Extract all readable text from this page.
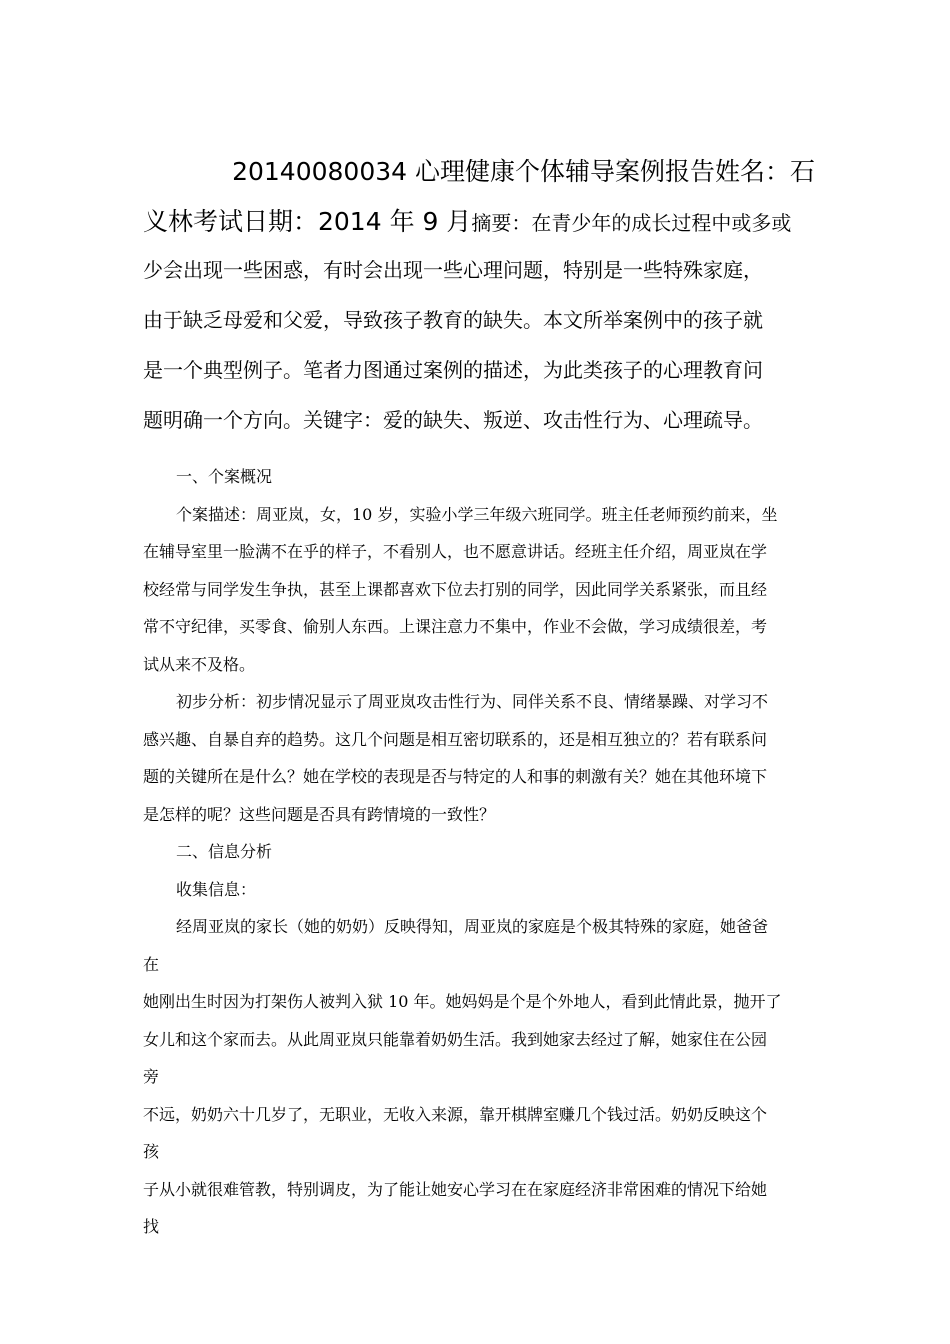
20140080034 心理健康个体辅导案例报告姓名：石
义林考试日期：2014 年 9 月摘要：在青少年的成长过程中或多或
少会出现一些困惑，有时会出现一些心理问题，特别是一些特殊家庭，
由于缺乏母爱和父爱，导致孩子教育的缺失。本文所举案例中的孩子就
是一个典型例子。笔者力图通过案例的描述，为此类孩子的心理教育问
题明确一个方向。关键字：爱的缺失、叛逆、攻击性行为、心理疏导。
一、个案概况
个案描述：周亚岚，女，10 岁，实验小学三年级六班同学。班主任老师预约前来，坐
在辅导室里一脸满不在乎的样子，不看别人，也不愿意讲话。经班主任介绍，周亚岚在学
校经常与同学发生争执，甚至上课都喜欢下位去打别的同学，因此同学关系紧张，而且经
常不守纪律，买零食、偷别人东西。上课注意力不集中，作业不会做，学习成绩很差，考
试从来不及格。
初步分析：初步情况显示了周亚岚攻击性行为、同伴关系不良、情绪暴躁、对学习不
感兴趣、自暴自弃的趋势。这几个问题是相互密切联系的，还是相互独立的？若有联系问
题的关键所在是什么？她在学校的表现是否与特定的人和事的刺激有关？她在其他环境下
是怎样的呢？这些问题是否具有跨情境的一致性？
二、信息分析
收集信息：
经周亚岚的家长（她的奶奶）反映得知，周亚岚的家庭是个极其特殊的家庭，她爸爸
在
她刚出生时因为打架伤人被判入狱 10 年。她妈妈是个是个外地人，看到此情此景，抛开了
女儿和这个家而去。从此周亚岚只能靠着奶奶生活。我到她家去经过了解，她家住在公园
旁
不远，奶奶六十几岁了，无职业，无收入来源，靠开棋牌室赚几个钱过活。奶奶反映这个
孩
子从小就很难管教，特别调皮，为了能让她安心学习在在家庭经济非常困难的情况下给她
找
